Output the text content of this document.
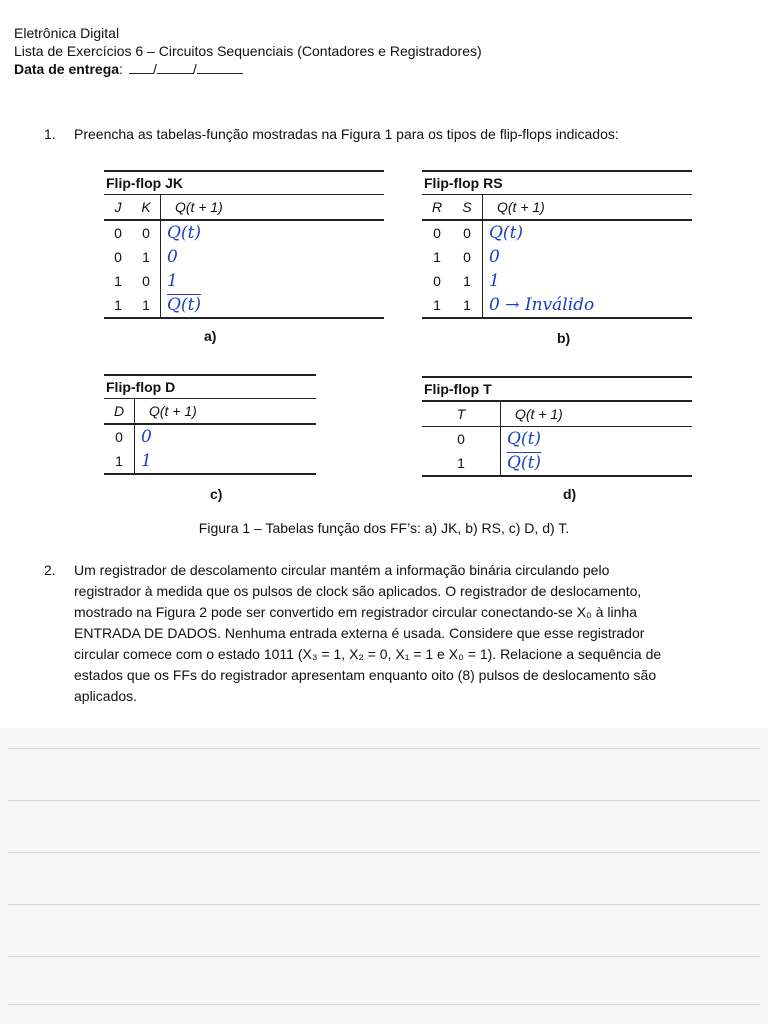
Eletrônica Digital
Lista de Exercícios 6 – Circuitos Sequenciais (Contadores e Registradores)
Data de entrega : /	/
1. Preencha as tabelas-função mostradas na Figura 1 para os tipos de flip-flops indicados:
Flip-flop JK
J	K	Q(t + 1)
0	0	Q(t)
0	1	0
1	0	1
1	1	Q(t)
a)
Flip-flop RS
R	S	Q(t + 1)
0	0	Q(t)
1	0	0
0	1	1
1	1	0 → Inválido
b)
Flip-flop D
D	Q(t + 1)
0	0
1	1
c)
Flip-flop T
T	Q(t + 1)
0	Q(t)
1	Q(t)
d)
Figura 1 – Tabelas função dos FF’s: a) JK, b) RS, c) D, d) T.
2. Um registrador de descolamento circular mantém a informação binária circulando pelo
registrador à medida que os pulsos de clock são aplicados. O registrador de deslocamento,
mostrado na Figura 2 pode ser convertido em registrador circular conectando-se X₀ à linha
ENTRADA DE DADOS. Nenhuma entrada externa é usada. Considere que esse registrador
circular comece com o estado 1011 (X₃ = 1, X₂ = 0, X₁ = 1 e X₀ = 1). Relacione a sequência de
estados que os FFs do registrador apresentam enquanto oito (8) pulsos de deslocamento são
aplicados.
